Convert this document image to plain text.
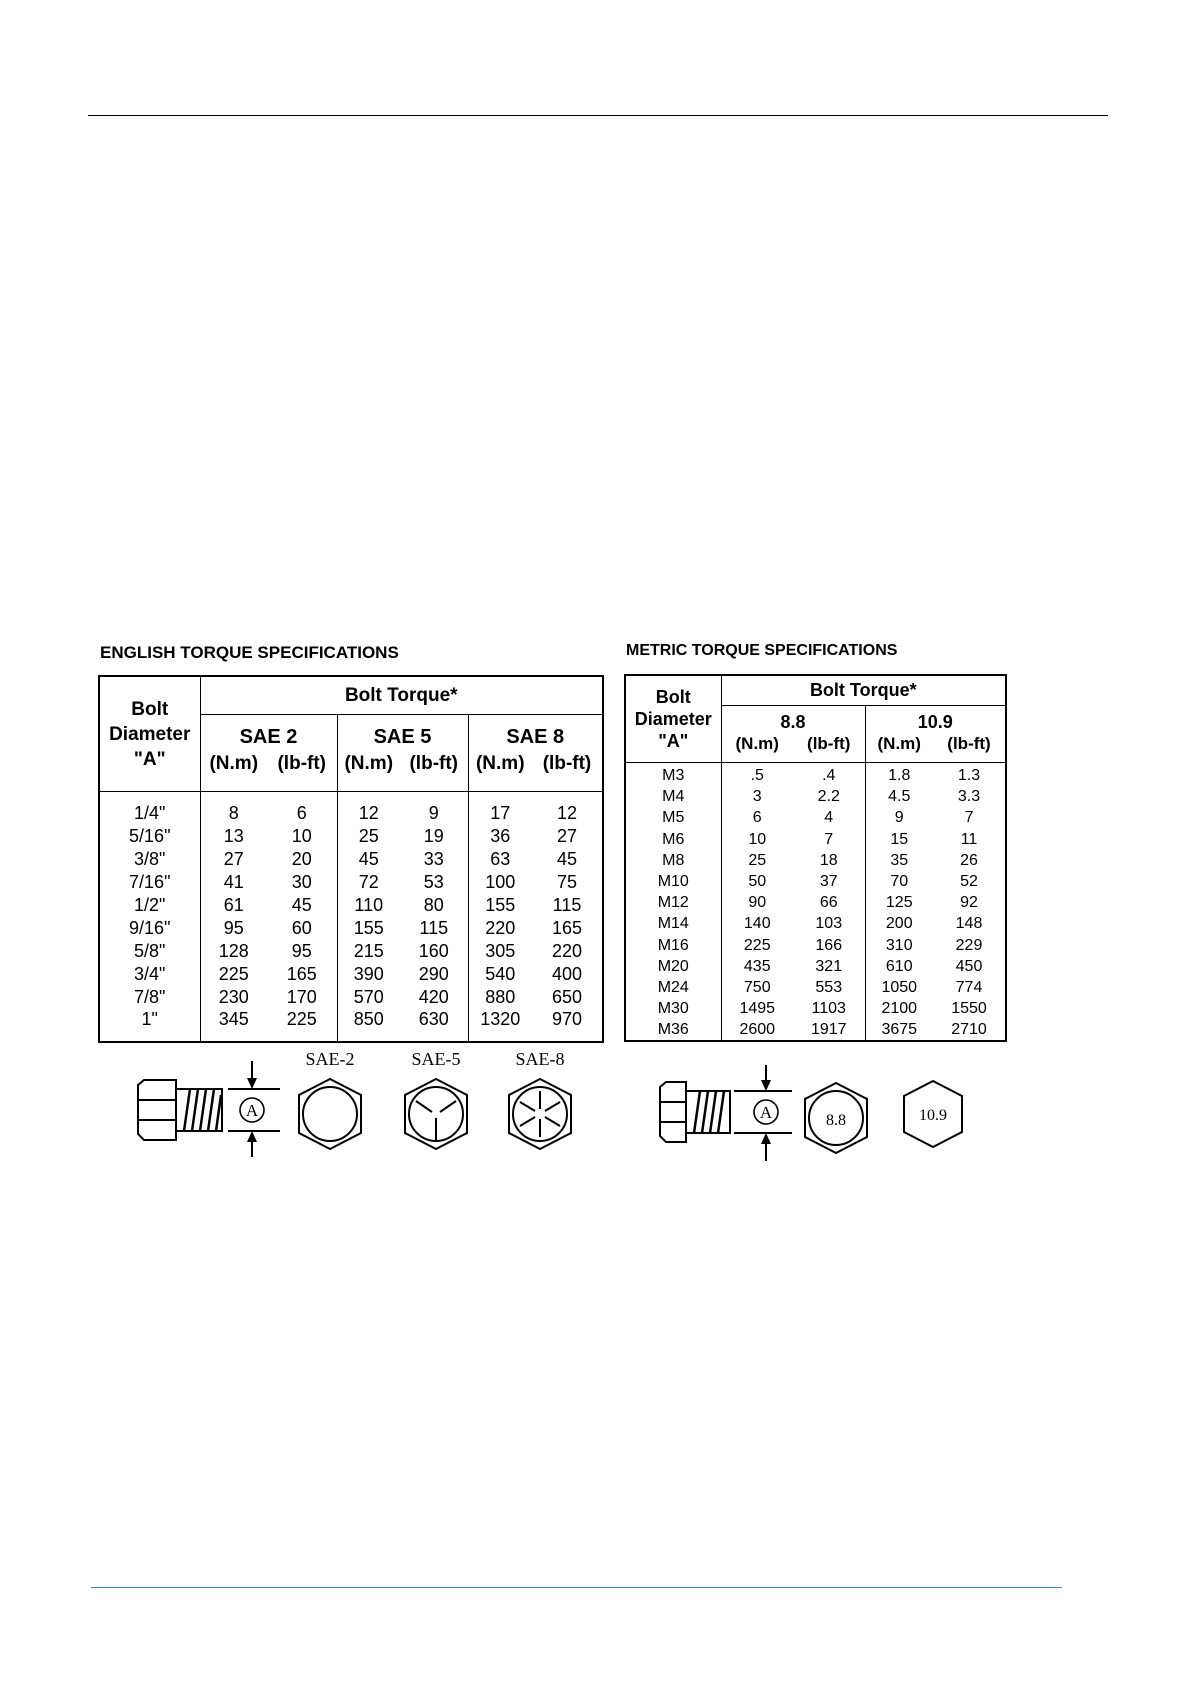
ENGLISH TORQUE SPECIFICATIONS
Bolt
Diameter
"A"	Bolt Torque*					
	SAE 2		SAE 5		SAE 8	
	(N.m)	(lb-ft)	(N.m)	(lb-ft)	(N.m)	(lb-ft)
1/4"	8	6	12	9	17	12
5/16"	13	10	25	19	36	27
3/8"	27	20	45	33	63	45
7/16"	41	30	72	53	100	75
1/2"	61	45	110	80	155	115
9/16"	95	60	155	115	220	165
5/8"	128	95	215	160	305	220
3/4"	225	165	390	290	540	400
7/8"	230	170	570	420	880	650
1"	345	225	850	630	1320	970
A
SAE-2	SAE-5	SAE-8
METRIC TORQUE SPECIFICATIONS
Bolt
Diameter
"A"	Bolt Torque*			
	8.8		10.9	
	(N.m)	(lb-ft)	(N.m)	(lb-ft)
M3	.5	.4	1.8	1.3
M4	3	2.2	4.5	3.3
M5	6	4	9	7
M6	10	7	15	11
M8	25	18	35	26
M10	50	37	70	52
M12	90	66	125	92
M14	140	103	200	148
M16	225	166	310	229
M20	435	321	610	450
M24	750	553	1050	774
M30	1495	1103	2100	1550
M36	2600	1917	3675	2710
A	8.8	10.9
